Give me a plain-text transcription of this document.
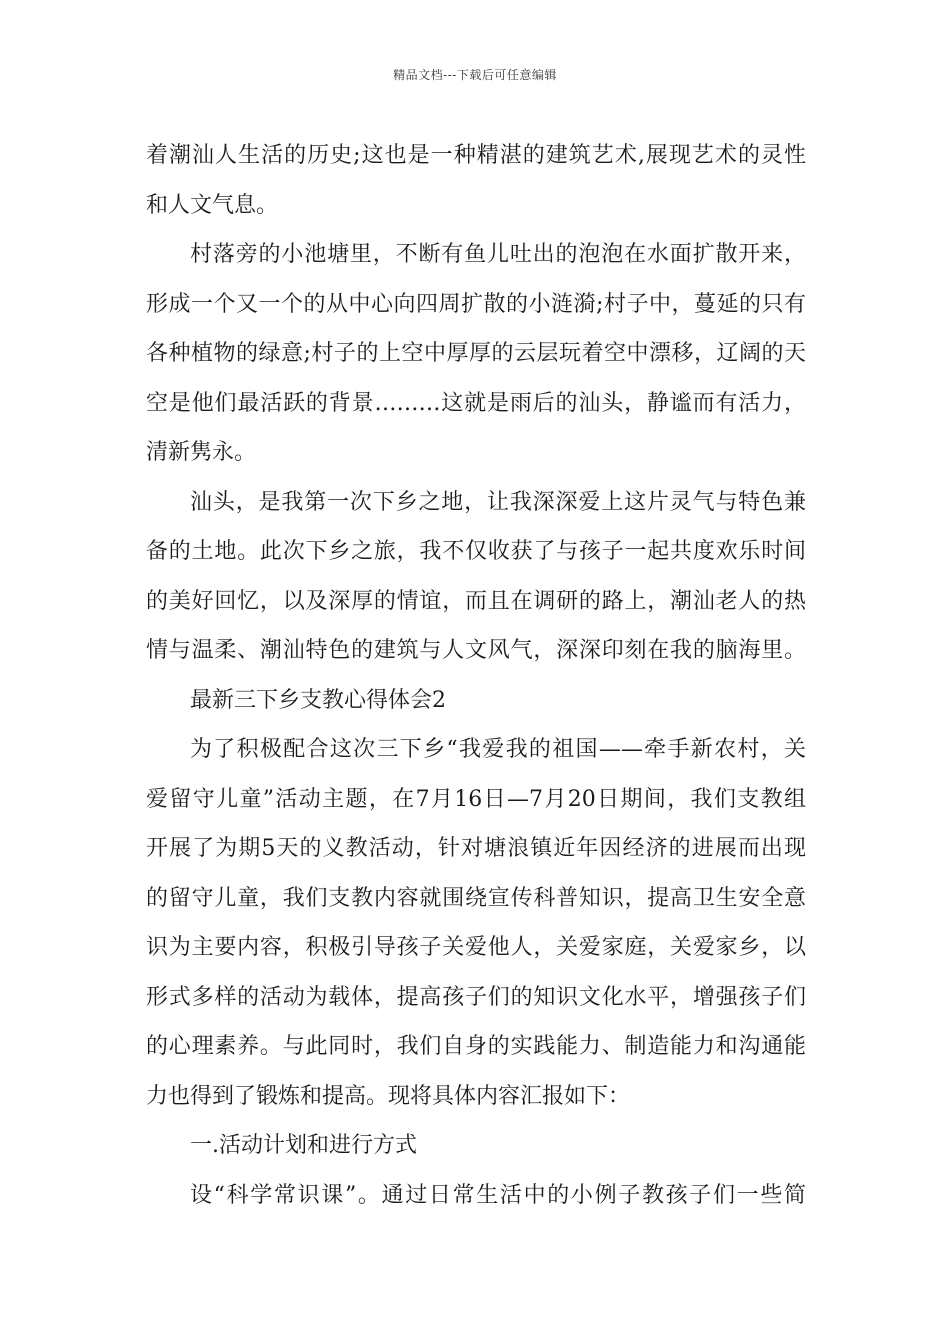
精品文档---下载后可任意编辑
着潮汕人生活的历史;这也是一种精湛的建筑艺术,展现艺术的灵性
和人文气息。
村落旁的小池塘里，不断有鱼儿吐出的泡泡在水面扩散开来，
形成一个又一个的从中心向四周扩散的小涟漪;村子中，蔓延的只有
各种植物的绿意;村子的上空中厚厚的云层玩着空中漂移，辽阔的天
空是他们最活跃的背景………这就是雨后的汕头，静谧而有活力，
清新隽永。
汕头，是我第一次下乡之地，让我深深爱上这片灵气与特色兼
备的土地。此次下乡之旅，我不仅收获了与孩子一起共度欢乐时间
的美好回忆，以及深厚的情谊，而且在调研的路上，潮汕老人的热
情与温柔、潮汕特色的建筑与人文风气，深深印刻在我的脑海里。
最新三下乡支教心得体会2
为了积极配合这次三下乡“我爱我的祖国——牵手新农村，关
爱留守儿童”活动主题，在7月16日—7月20日期间，我们支教组
开展了为期5天的义教活动，针对塘浪镇近年因经济的进展而出现
的留守儿童，我们支教内容就围绕宣传科普知识，提高卫生安全意
识为主要内容，积极引导孩子关爱他人，关爱家庭，关爱家乡，以
形式多样的活动为载体，提高孩子们的知识文化水平，增强孩子们
的心理素养。与此同时，我们自身的实践能力、制造能力和沟通能
力也得到了锻炼和提高。现将具体内容汇报如下：
一.活动计划和进行方式
设“科学常识课”。通过日常生活中的小例子教孩子们一些简
